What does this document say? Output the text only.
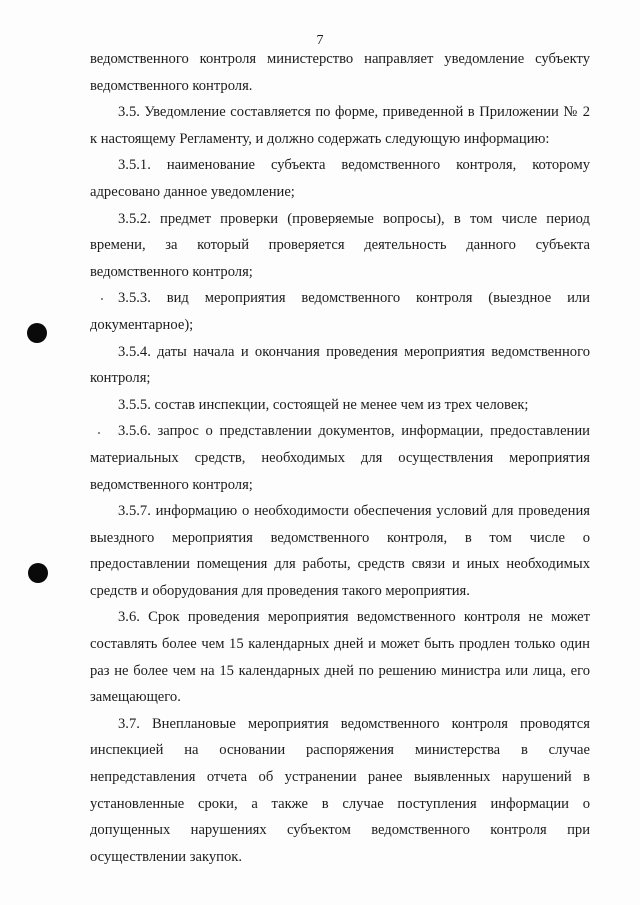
7

ведомственного контроля министерство направляет уведомление субъекту ведомственного контроля.

3.5. Уведомление составляется по форме, приведенной в Приложении № 2 к настоящему Регламенту, и должно содержать следующую информацию:

3.5.1. наименование субъекта ведомственного контроля, которому адресовано данное уведомление;

3.5.2. предмет проверки (проверяемые вопросы), в том числе период времени, за который проверяется деятельность данного субъекта ведомственного контроля;

3.5.3. вид мероприятия ведомственного контроля (выездное или документарное);

3.5.4. даты начала и окончания проведения мероприятия ведомственного контроля;

3.5.5. состав инспекции, состоящей не менее чем из трех человек;

3.5.6. запрос о представлении документов, информации, предоставлении материальных средств, необходимых для осуществления мероприятия ведомственного контроля;

3.5.7. информацию о необходимости обеспечения условий для проведения выездного мероприятия ведомственного контроля, в том числе о предоставлении помещения для работы, средств связи и иных необходимых средств и оборудования для проведения такого мероприятия.

3.6. Срок проведения мероприятия ведомственного контроля не может составлять более чем 15 календарных дней и может быть продлен только один раз не более чем на 15 календарных дней по решению министра или лица, его замещающего.

3.7. Внеплановые мероприятия ведомственного контроля проводятся инспекцией на основании распоряжения министерства в случае непредставления отчета об устранении ранее выявленных нарушений в установленные сроки, а также в случае поступления информации о допущенных нарушениях субъектом ведомственного контроля при осуществлении закупок.
